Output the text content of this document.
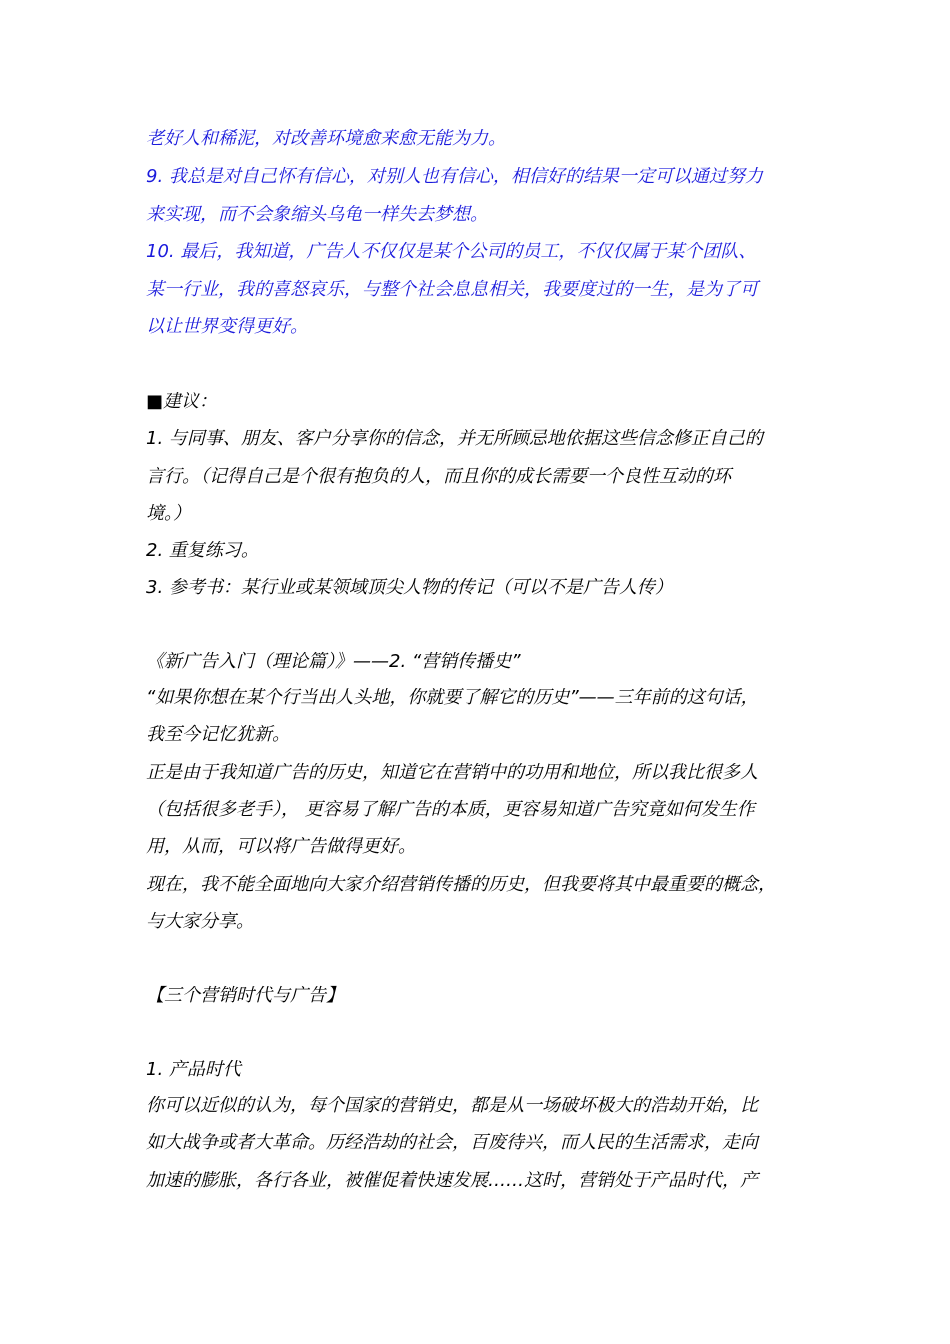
老好人和稀泥，对改善环境愈来愈无能为力。
9. 我总是对自己怀有信心，对别人也有信心，相信好的结果一定可以通过努力
来实现，而不会象缩头乌龟一样失去梦想。
10. 最后，我知道，广告人不仅仅是某个公司的员工，不仅仅属于某个团队、
某一行业，我的喜怒哀乐，与整个社会息息相关，我要度过的一生，是为了可
以让世界变得更好。
■建议：
1. 与同事、朋友、客户分享你的信念，并无所顾忌地依据这些信念修正自己的
言行。（记得自己是个很有抱负的人，而且你的成长需要一个良性互动的环
境。）
2. 重复练习。
3. 参考书：某行业或某领域顶尖人物的传记（可以不是广告人传）
《新广告入门（理论篇）》——2. “营销传播史”
“如果你想在某个行当出人头地，你就要了解它的历史”——三年前的这句话，
我至今记忆犹新。
正是由于我知道广告的历史，知道它在营销中的功用和地位，所以我比很多人
（包括很多老手）， 更容易了解广告的本质，更容易知道广告究竟如何发生作
用，从而，可以将广告做得更好。
现在，我不能全面地向大家介绍营销传播的历史，但我要将其中最重要的概念，
与大家分享。
【三个营销时代与广告】
1. 产品时代
你可以近似的认为，每个国家的营销史，都是从一场破坏极大的浩劫开始，比
如大战争或者大革命。历经浩劫的社会，百废待兴，而人民的生活需求，走向
加速的膨胀，各行各业，被催促着快速发展……这时，营销处于产品时代，产
